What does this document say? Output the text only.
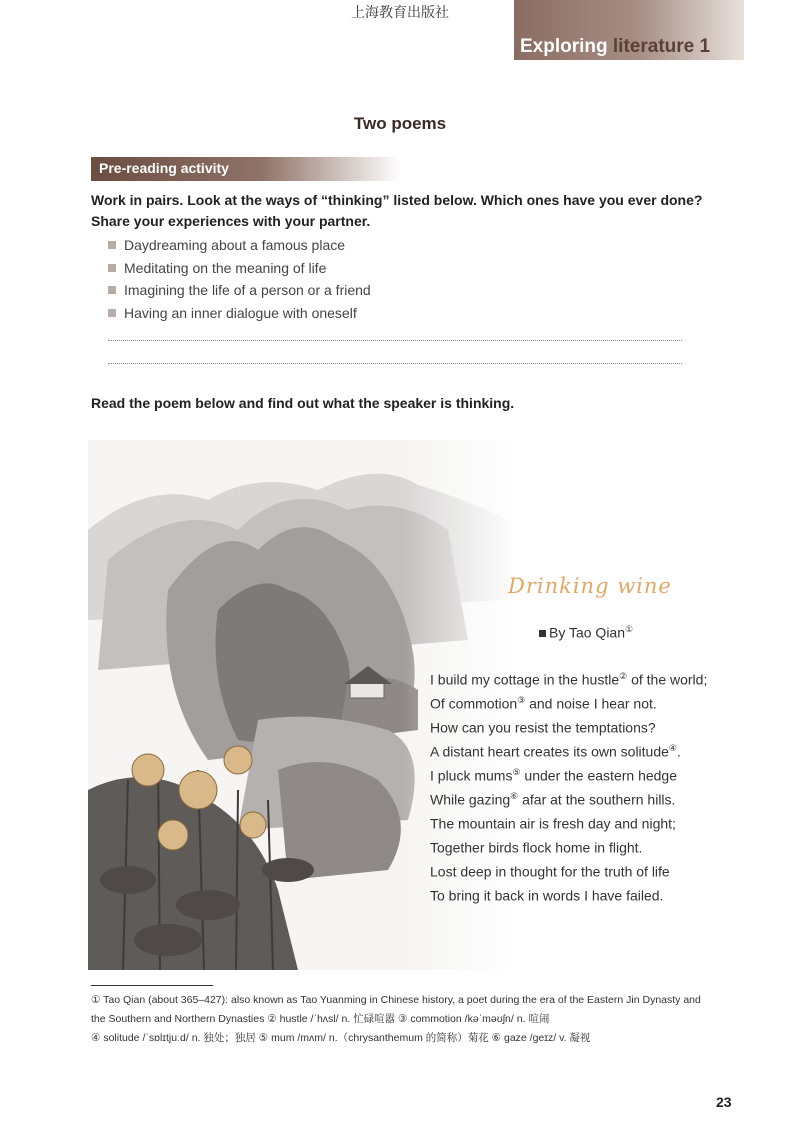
上海教育出版社
Exploring literature 1
Two poems
Pre-reading activity
Work in pairs. Look at the ways of “thinking” listed below. Which ones have you ever done?
Share your experiences with your partner.
Daydreaming about a famous place
Meditating on the meaning of life
Imagining the life of a person or a friend
Having an inner dialogue with oneself
Read the poem below and find out what the speaker is thinking.
Drinking wine
By Tao Qian①
I build my cottage in the hustle② of the world;
Of commotion③ and noise I hear not.
How can you resist the temptations?
A distant heart creates its own solitude④.
I pluck mums⑤ under the eastern hedge
While gazing⑥ afar at the southern hills.
The mountain air is fresh day and night;
Together birds flock home in flight.
Lost deep in thought for the truth of life
To bring it back in words I have failed.
① Tao Qian (about 365–427): also known as Tao Yuanming in Chinese history, a poet during the era of the Eastern Jin Dynasty and
the Southern and Northern Dynasties ② hustle /ˈhʌsl/ n. 忙碌喧嚣 ③ commotion /kəˈməʊʃn/ n. 喧闹
④ solitude /ˈsɒlɪtjuːd/ n. 独处；独居 ⑤ mum /mʌm/ n.（chrysanthemum 的简称）菊花 ⑥ gaze /geɪz/ v. 凝视
23
